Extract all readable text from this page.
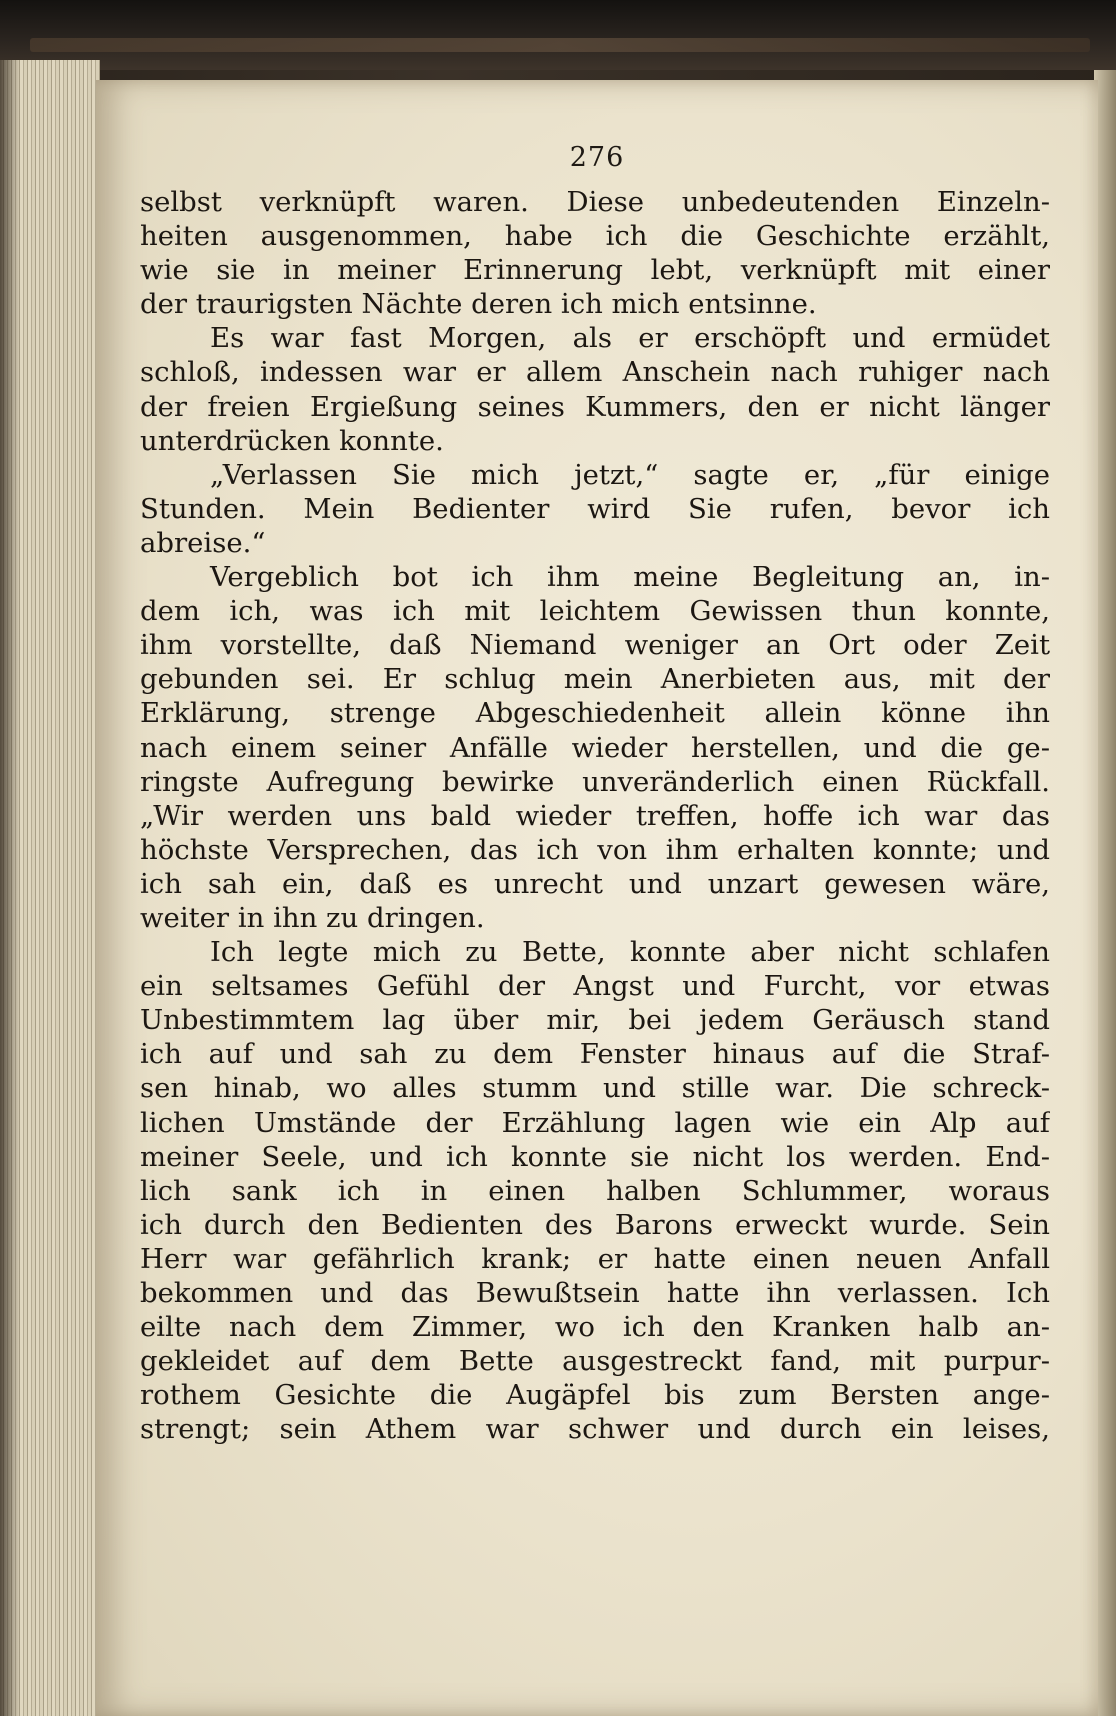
276
selbst verknüpft waren. Diese unbedeutenden Einzeln-
heiten ausgenommen, habe ich die Geschichte erzählt,
wie sie in meiner Erinnerung lebt, verknüpft mit einer
der traurigsten Nächte deren ich mich entsinne.
Es war fast Morgen, als er erschöpft und ermüdet
schloß, indessen war er allem Anschein nach ruhiger nach
der freien Ergießung seines Kummers, den er nicht länger
unterdrücken konnte.
„Verlassen Sie mich jetzt,“ sagte er, „für einige
Stunden. Mein Bedienter wird Sie rufen, bevor ich
abreise.“
Vergeblich bot ich ihm meine Begleitung an, in-
dem ich, was ich mit leichtem Gewissen thun konnte,
ihm vorstellte, daß Niemand weniger an Ort oder Zeit
gebunden sei. Er schlug mein Anerbieten aus, mit der
Erklärung, strenge Abgeschiedenheit allein könne ihn
nach einem seiner Anfälle wieder herstellen, und die ge-
ringste Aufregung bewirke unveränderlich einen Rückfall.
„Wir werden uns bald wieder treffen, hoffe ich war das
höchste Versprechen, das ich von ihm erhalten konnte; und
ich sah ein, daß es unrecht und unzart gewesen wäre,
weiter in ihn zu dringen.
Ich legte mich zu Bette, konnte aber nicht schlafen
ein seltsames Gefühl der Angst und Furcht, vor etwas
Unbestimmtem lag über mir, bei jedem Geräusch stand
ich auf und sah zu dem Fenster hinaus auf die Straf-
sen hinab, wo alles stumm und stille war. Die schreck-
lichen Umstände der Erzählung lagen wie ein Alp auf
meiner Seele, und ich konnte sie nicht los werden. End-
lich sank ich in einen halben Schlummer, woraus
ich durch den Bedienten des Barons erweckt wurde. Sein
Herr war gefährlich krank; er hatte einen neuen Anfall
bekommen und das Bewußtsein hatte ihn verlassen. Ich
eilte nach dem Zimmer, wo ich den Kranken halb an-
gekleidet auf dem Bette ausgestreckt fand, mit purpur-
rothem Gesichte die Augäpfel bis zum Bersten ange-
strengt; sein Athem war schwer und durch ein leises,
